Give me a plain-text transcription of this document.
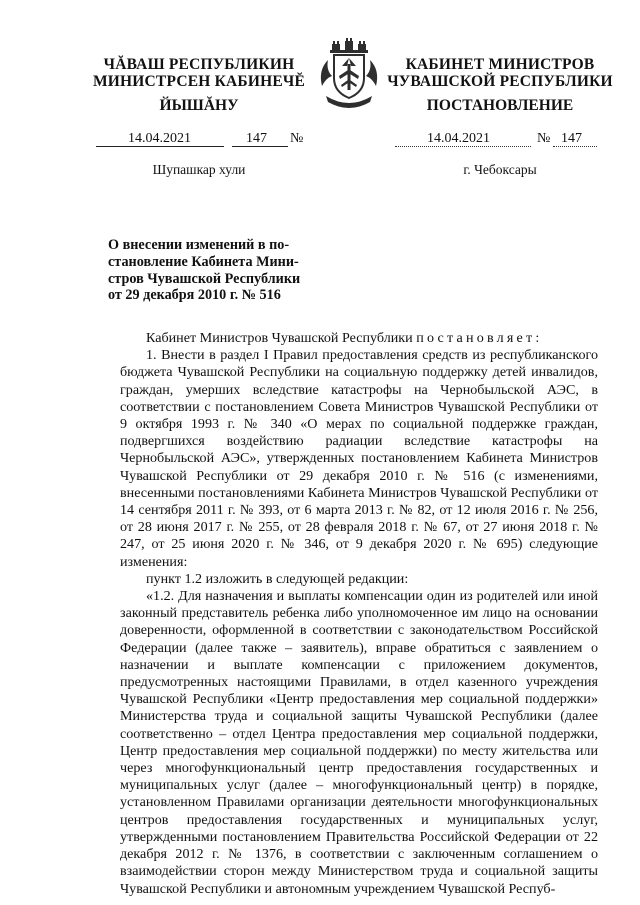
ЧĂВАШ РЕСПУБЛИКИН
МИНИСТРСЕН КАБИНЕЧĔ
ЙЫШĂНУ
КАБИНЕТ МИНИСТРОВ
ЧУВАШСКОЙ РЕСПУБЛИКИ
ПОСТАНОВЛЕНИЕ
14.04.2021	147 №	14.04.2021	№ 147
Шупашкар хули	г. Чебоксары
О внесении изменений в по-
становление Кабинета Мини-
стров Чувашской Республики
от 29 декабря 2010 г. № 516

Кабинет Министров Чувашской Республики постановляет:

1. Внести в раздел I Правил предоставления средств из республиканского бюджета Чувашской Республики на социальную поддержку детей инвалидов, граждан, умерших вследствие катастрофы на Чернобыльской АЭС, в соответствии с постановлением Совета Министров Чувашской Республики от 9 октября 1993 г. № 340 «О мерах по социальной поддержке граждан, подвергшихся воздействию радиации вследствие катастрофы на Чернобыльской АЭС», утвержденных постановлением Кабинета Министров Чувашской Республики от 29 декабря 2010 г. № 516 (с изменениями, внесенными постановлениями Кабинета Министров Чувашской Республики от 14 сентября 2011 г. № 393, от 6 марта 2013 г. № 82, от 12 июля 2016 г. № 256, от 28 июня 2017 г. № 255, от 28 февраля 2018 г. № 67, от 27 июня 2018 г. № 247, от 25 июня 2020 г. № 346, от 9 декабря 2020 г. № 695) следующие изменения:

пункт 1.2 изложить в следующей редакции:

«1.2. Для назначения и выплаты компенсации один из родителей или иной законный представитель ребенка либо уполномоченное им лицо на основании доверенности, оформленной в соответствии с законодательством Российской Федерации (далее также – заявитель), вправе обратиться с заявлением о назначении и выплате компенсации с приложением документов, предусмотренных настоящими Правилами, в отдел казенного учреждения Чувашской Республики «Центр предоставления мер социальной поддержки» Министерства труда и социальной защиты Чувашской Республики (далее соответственно – отдел Центра предоставления мер социальной поддержки, Центр предоставления мер социальной поддержки) по месту жительства или через многофункциональный центр предоставления государственных и муниципальных услуг (далее – многофункциональный центр) в порядке, установленном Правилами организации деятельности многофункциональных центров предоставления государственных и муниципальных услуг, утвержденными постановлением Правительства Российской Федерации от 22 декабря 2012 г. № 1376, в соответствии с заключенным соглашением о взаимодействии сторон между Министерством труда и социальной защиты Чувашской Республики и автономным учреждением Чувашской Респуб-
